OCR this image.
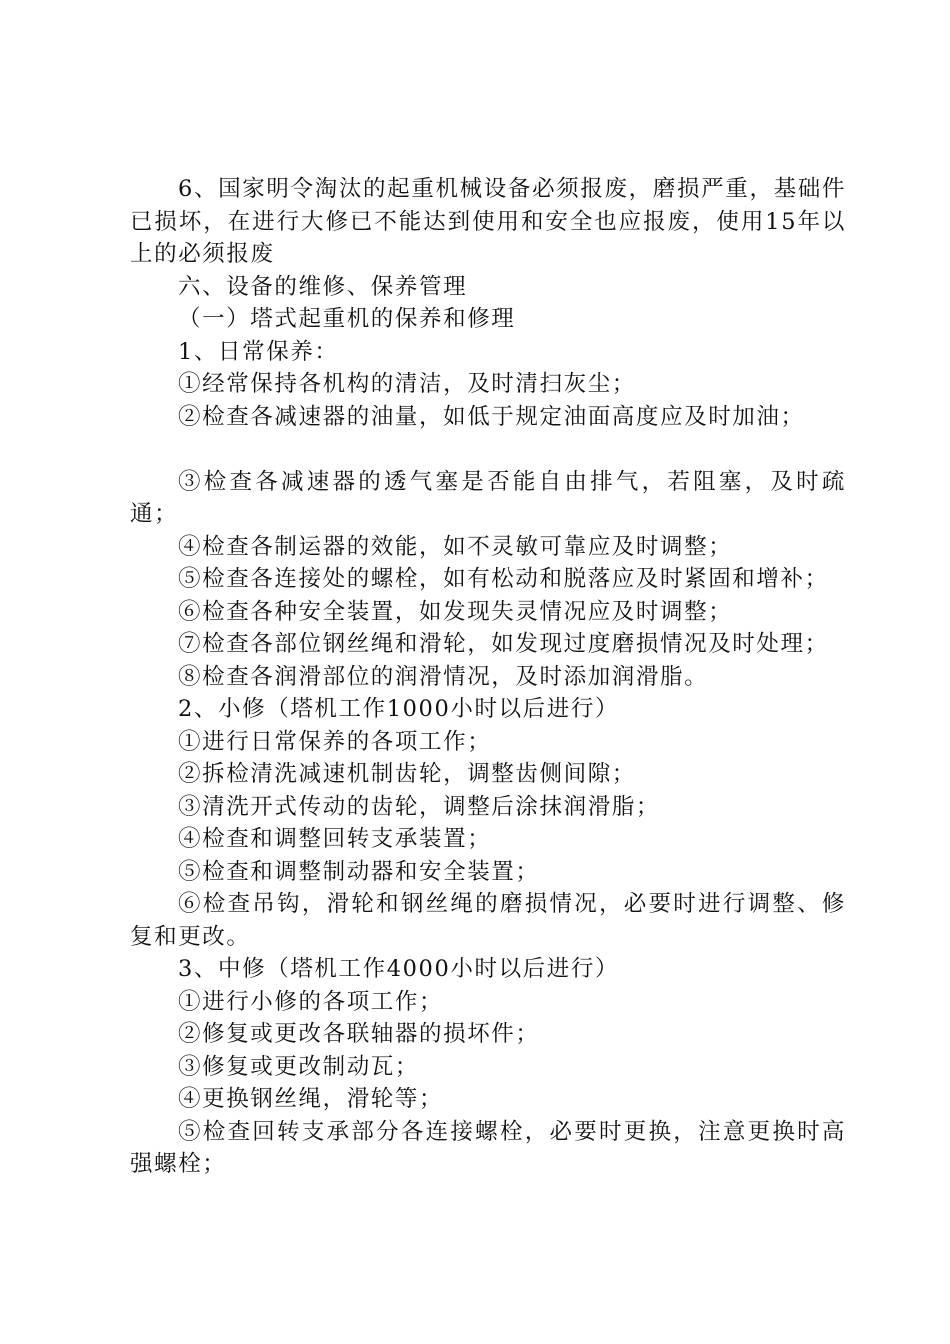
6、国家明令淘汰的起重机械设备必须报废，磨损严重，基础件已损坏，在进行大修已不能达到使用和安全也应报废，使用15年以上的必须报废

六、设备的维修、保养管理

（一）塔式起重机的保养和修理

1、日常保养：

①经常保持各机构的清洁，及时清扫灰尘；

②检查各减速器的油量，如低于规定油面高度应及时加油；

③检查各减速器的透气塞是否能自由排气，若阻塞，及时疏通；

④检查各制运器的效能，如不灵敏可靠应及时调整；

⑤检查各连接处的螺栓，如有松动和脱落应及时紧固和增补；

⑥检查各种安全装置，如发现失灵情况应及时调整；

⑦检查各部位钢丝绳和滑轮，如发现过度磨损情况及时处理；

⑧检查各润滑部位的润滑情况，及时添加润滑脂。

2、小修（塔机工作1000小时以后进行）

①进行日常保养的各项工作；

②拆检清洗减速机制齿轮，调整齿侧间隙；

③清洗开式传动的齿轮，调整后涂抹润滑脂；

④检查和调整回转支承装置；

⑤检查和调整制动器和安全装置；

⑥检查吊钩，滑轮和钢丝绳的磨损情况，必要时进行调整、修复和更改。

3、中修（塔机工作4000小时以后进行）

①进行小修的各项工作；

②修复或更改各联轴器的损坏件；

③修复或更改制动瓦；

④更换钢丝绳，滑轮等；

⑤检查回转支承部分各连接螺栓，必要时更换，注意更换时高强螺栓；
